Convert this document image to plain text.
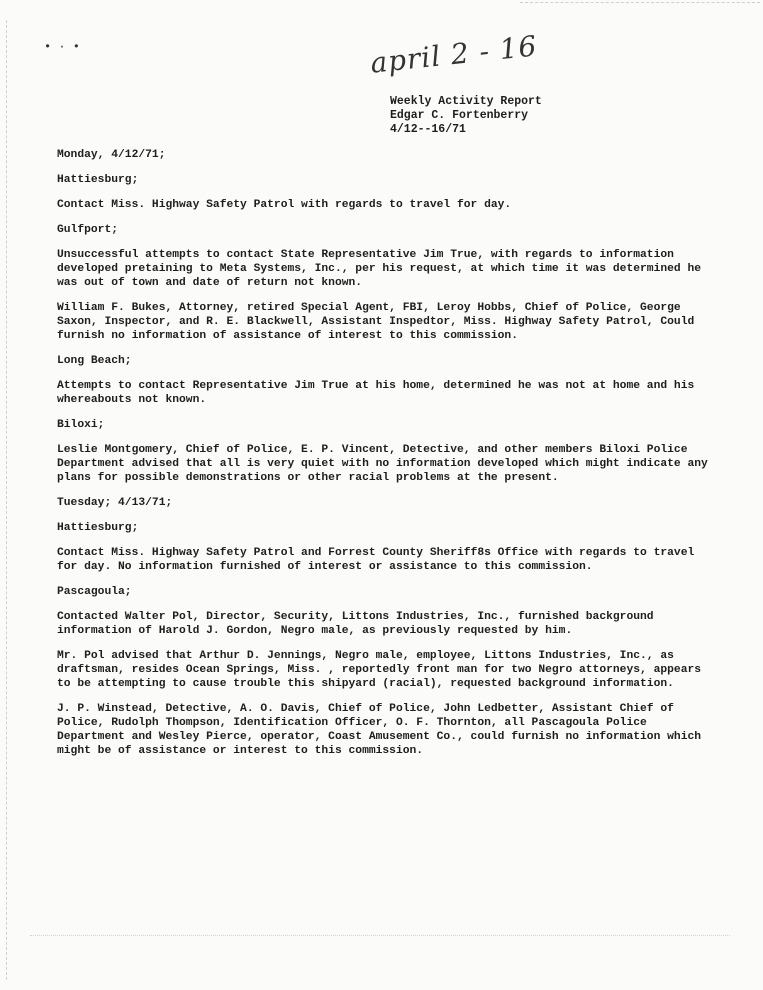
• · •	april 2 - 16
Weekly Activity Report
Edgar C. Fortenberry
4/12--16/71
Monday, 4/12/71;
Hattiesburg;

Contact Miss. Highway Safety Patrol with regards to travel for day.

Gulfport;

Unsuccessful attempts to contact State Representative Jim True, with regards to information developed pretaining to Meta Systems, Inc., per his request, at which time it was determined he was out of town and date of return not known.

William F. Bukes, Attorney, retired Special Agent, FBI, Leroy Hobbs, Chief of Police, George Saxon, Inspector, and R. E. Blackwell, Assistant Inspedtor, Miss. Highway Safety Patrol, Could furnish no information of assistance of interest to this commission.

Long Beach;

Attempts to contact Representative Jim True at his home, determined he was not at home and his whereabouts not known.

Biloxi;

Leslie Montgomery, Chief of Police, E. P. Vincent, Detective, and other members Biloxi Police Department advised that all is very quiet with no information developed which might indicate any plans for possible demonstrations or other racial problems at the present.

Tuesday; 4/13/71;
Hattiesburg;

Contact Miss. Highway Safety Patrol and Forrest County Sheriff8s Office with regards to travel for day. No information furnished of interest or assistance to this commission.

Pascagoula;

Contacted Walter Pol, Director, Security, Littons Industries, Inc., furnished background information of Harold J. Gordon, Negro male, as previously requested by him.

Mr. Pol advised that Arthur D. Jennings, Negro male, employee, Littons Industries, Inc., as draftsman, resides Ocean Springs, Miss. , reportedly front man for two Negro attorneys, appears to be attempting to cause trouble this shipyard (racial), requested background information.

J. P. Winstead, Detective, A. O. Davis, Chief of Police, John Ledbetter, Assistant Chief of Police, Rudolph Thompson, Identification Officer, O. F. Thornton, all Pascagoula Police Department and Wesley Pierce, operator, Coast Amusement Co., could furnish no information which might be of assistance or interest to this commission.
